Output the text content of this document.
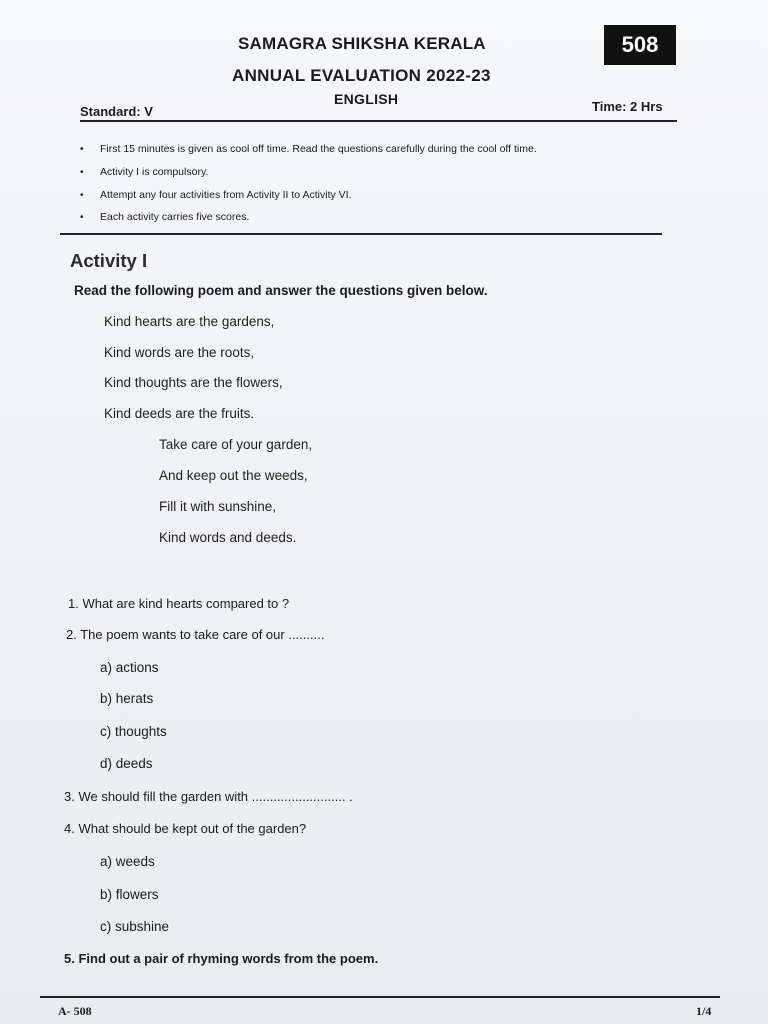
SAMAGRA SHIKSHA KERALA
ANNUAL EVALUATION 2022-23
ENGLISH
508
Standard: V	Time: 2 Hrs
• First 15 minutes is given as cool off time. Read the questions carefully during the cool off time.
• Activity I is compulsory.
• Attempt any four activities from Activity II to Activity VI.
• Each activity carries five scores.
Activity I
Read the following poem and answer the questions given below.
Kind hearts are the gardens,
Kind words are the roots,
Kind thoughts are the flowers,
Kind deeds are the fruits.
Take care of your garden,
And keep out the weeds,
Fill it with sunshine,
Kind words and deeds.
1. What are kind hearts compared to ?
2. The poem wants to take care of our ..........
a) actions
b) herats
c) thoughts
d) deeds
3. We should fill the garden with .......................... .
4. What should be kept out of the garden?
a) weeds
b) flowers
c) subshine
5. Find out a pair of rhyming words from the poem.
A- 508	1/4
